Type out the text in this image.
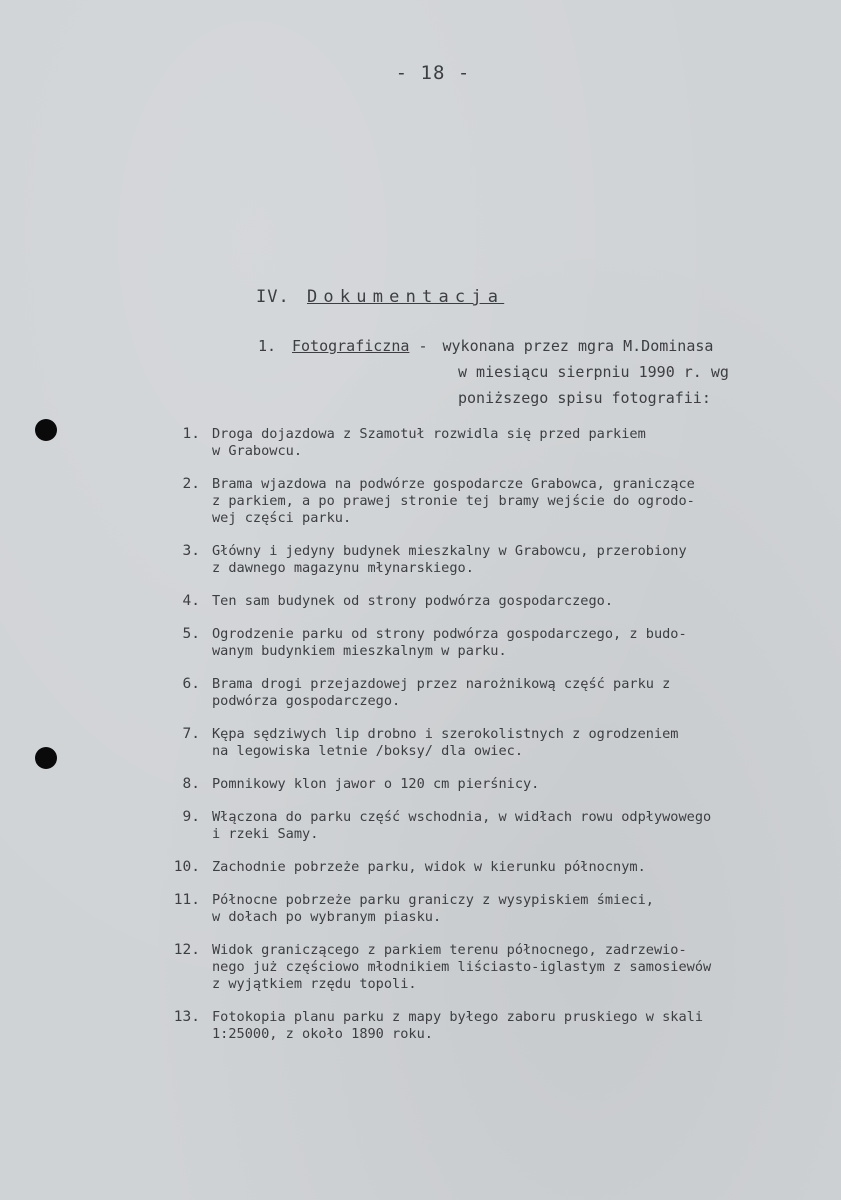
- 18 -
IV. Dokumentacja
1. Fotograficzna - wykonana przez mgra M.Dominasa
w miesiącu sierpniu 1990 r. wg
poniższego spisu fotografii:
1. Droga dojazdowa z Szamotuł rozwidla się przed parkiem
w Grabowcu.
2. Brama wjazdowa na podwórze gospodarcze Grabowca, graniczące
z parkiem, a po prawej stronie tej bramy wejście do ogrodo-
wej części parku.
3. Główny i jedyny budynek mieszkalny w Grabowcu, przerobiony
z dawnego magazynu młynarskiego.
4. Ten sam budynek od strony podwórza gospodarczego.
5. Ogrodzenie parku od strony podwórza gospodarczego, z budo-
wanym budynkiem mieszkalnym w parku.
6. Brama drogi przejazdowej przez narożnikową część parku z
podwórza gospodarczego.
7. Kępa sędziwych lip drobno i szerokolistnych z ogrodzeniem
na legowiska letnie /boksy/ dla owiec.
8. Pomnikowy klon jawor o 120 cm pierśnicy.
9. Włączona do parku część wschodnia, w widłach rowu odpływowego
i rzeki Samy.
10. Zachodnie pobrzeże parku, widok w kierunku północnym.
11. Północne pobrzeże parku graniczy z wysypiskiem śmieci,
w dołach po wybranym piasku.
12. Widok graniczącego z parkiem terenu północnego, zadrzewio-
nego już częściowo młodnikiem liściasto-iglastym z samosiewów
z wyjątkiem rzędu topoli.
13. Fotokopia planu parku z mapy byłego zaboru pruskiego w skali
1:25000, z około 1890 roku.
